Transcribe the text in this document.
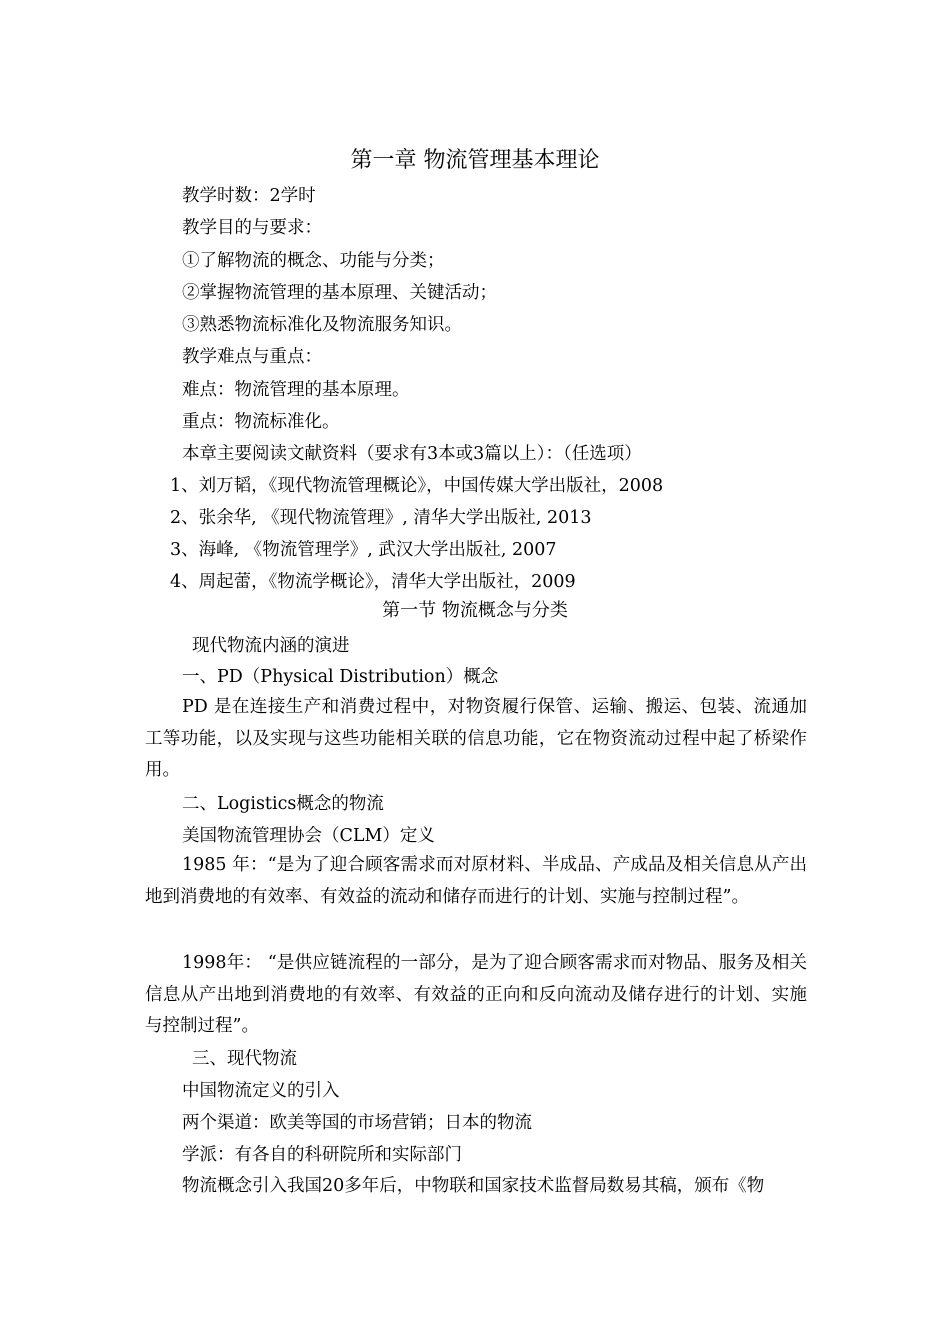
第一章 物流管理基本理论
教学时数：2学时
教学目的与要求：
①了解物流的概念、功能与分类；
②掌握物流管理的基本原理、关键活动；
③熟悉物流标准化及物流服务知识。
教学难点与重点：
难点：物流管理的基本原理。
重点：物流标准化。
本章主要阅读文献资料（要求有3本或3篇以上）：（任选项）
1、刘万韬，《现代物流管理概论》，中国传媒大学出版社，2008
2、张余华, 《现代物流管理》, 清华大学出版社, 2013
3、海峰, 《物流管理学》, 武汉大学出版社, 2007
4、周起蕾，《物流学概论》，清华大学出版社，2009
第一节 物流概念与分类
现代物流内涵的演进
一、PD（Physical Distribution）概念
PD 是在连接生产和消费过程中，对物资履行保管、运输、搬运、包装、流通加工等功能，以及实现与这些功能相关联的信息功能，它在物资流动过程中起了桥梁作用。
二、Logistics概念的物流
美国物流管理协会（CLM）定义
1985 年：“是为了迎合顾客需求而对原材料、半成品、产成品及相关信息从产出地到消费地的有效率、有效益的流动和储存而进行的计划、实施与控制过程”。
1998年： “是供应链流程的一部分，是为了迎合顾客需求而对物品、服务及相关信息从产出地到消费地的有效率、有效益的正向和反向流动及储存进行的计划、实施与控制过程”。
三、现代物流
中国物流定义的引入
两个渠道：欧美等国的市场营销；日本的物流
学派：有各自的科研院所和实际部门
物流概念引入我国20多年后，中物联和国家技术监督局数易其稿，颁布《物
